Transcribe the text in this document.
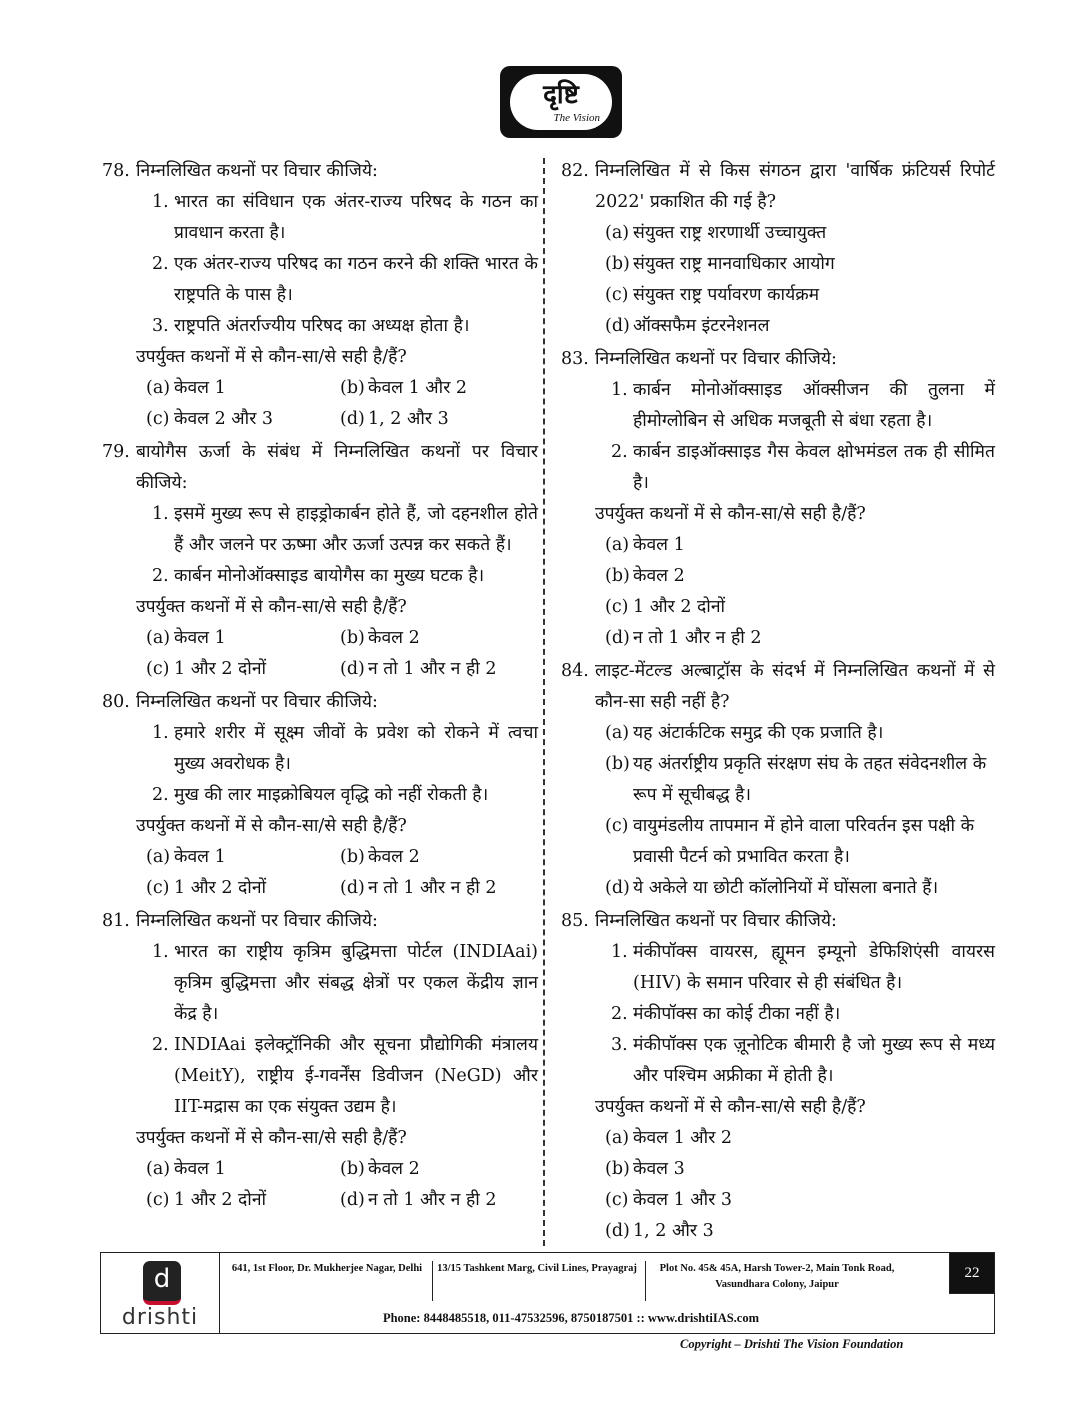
दृष्टि
The Vision
78. निम्नलिखित कथनों पर विचार कीजिये:
1. भारत का संविधान एक अंतर-राज्य परिषद के गठन का प्रावधान करता है।
2. एक अंतर-राज्य परिषद का गठन करने की शक्ति भारत के राष्ट्रपति के पास है।
3. राष्ट्रपति अंतर्राज्यीय परिषद का अध्यक्ष होता है।
उपर्युक्त कथनों में से कौन-सा/से सही है/हैं?
(a) केवल 1	(b) केवल 1 और 2
(c) केवल 2 और 3	(d) 1, 2 और 3
79. बायोगैस ऊर्जा के संबंध में निम्नलिखित कथनों पर विचार कीजिये:
1. इसमें मुख्य रूप से हाइड्रोकार्बन होते हैं, जो दहनशील होते हैं और जलने पर ऊष्मा और ऊर्जा उत्पन्न कर सकते हैं।
2. कार्बन मोनोऑक्साइड बायोगैस का मुख्य घटक है।
उपर्युक्त कथनों में से कौन-सा/से सही है/हैं?
(a) केवल 1	(b) केवल 2
(c) 1 और 2 दोनों	(d) न तो 1 और न ही 2
80. निम्नलिखित कथनों पर विचार कीजिये:
1. हमारे शरीर में सूक्ष्म जीवों के प्रवेश को रोकने में त्वचा मुख्य अवरोधक है।
2. मुख की लार माइक्रोबियल वृद्धि को नहीं रोकती है।
उपर्युक्त कथनों में से कौन-सा/से सही है/हैं?
(a) केवल 1	(b) केवल 2
(c) 1 और 2 दोनों	(d) न तो 1 और न ही 2
81. निम्नलिखित कथनों पर विचार कीजिये:
1. भारत का राष्ट्रीय कृत्रिम बुद्धिमत्ता पोर्टल (INDIAai) कृत्रिम बुद्धिमत्ता और संबद्ध क्षेत्रों पर एकल केंद्रीय ज्ञान केंद्र है।
2. INDIAai इलेक्ट्रॉनिकी और सूचना प्रौद्योगिकी मंत्रालय (MeitY), राष्ट्रीय ई-गवर्नेंस डिवीजन (NeGD) और IIT-मद्रास का एक संयुक्त उद्यम है।
उपर्युक्त कथनों में से कौन-सा/से सही है/हैं?
(a) केवल 1	(b) केवल 2
(c) 1 और 2 दोनों	(d) न तो 1 और न ही 2
82. निम्नलिखित में से किस संगठन द्वारा 'वार्षिक फ्रंटियर्स रिपोर्ट 2022' प्रकाशित की गई है?
(a) संयुक्त राष्ट्र शरणार्थी उच्चायुक्त
(b) संयुक्त राष्ट्र मानवाधिकार आयोग
(c) संयुक्त राष्ट्र पर्यावरण कार्यक्रम
(d) ऑक्सफैम इंटरनेशनल
83. निम्नलिखित कथनों पर विचार कीजिये:
1. कार्बन मोनोऑक्साइड ऑक्सीजन की तुलना में हीमोग्लोबिन से अधिक मजबूती से बंधा रहता है।
2. कार्बन डाइऑक्साइड गैस केवल क्षोभमंडल तक ही सीमित है।
उपर्युक्त कथनों में से कौन-सा/से सही है/हैं?
(a) केवल 1
(b) केवल 2
(c) 1 और 2 दोनों
(d) न तो 1 और न ही 2
84. लाइट-मेंटल्ड अल्बाट्रॉस के संदर्भ में निम्नलिखित कथनों में से कौन-सा सही नहीं है?
(a) यह अंटार्कटिक समुद्र की एक प्रजाति है।
(b) यह अंतर्राष्ट्रीय प्रकृति संरक्षण संघ के तहत संवेदनशील के रूप में सूचीबद्ध है।
(c) वायुमंडलीय तापमान में होने वाला परिवर्तन इस पक्षी के प्रवासी पैटर्न को प्रभावित करता है।
(d) ये अकेले या छोटी कॉलोनियों में घोंसला बनाते हैं।
85. निम्नलिखित कथनों पर विचार कीजिये:
1. मंकीपॉक्स वायरस, ह्यूमन इम्यूनो डेफिशिएंसी वायरस (HIV) के समान परिवार से ही संबंधित है।
2. मंकीपॉक्स का कोई टीका नहीं है।
3. मंकीपॉक्स एक ज़ूनोटिक बीमारी है जो मुख्य रूप से मध्य और पश्चिम अफ्रीका में होती है।
उपर्युक्त कथनों में से कौन-सा/से सही है/हैं?
(a) केवल 1 और 2
(b) केवल 3
(c) केवल 1 और 3
(d) 1, 2 और 3
d
drishti
641, 1st Floor, Dr. Mukherjee Nagar, Delhi	13/15 Tashkent Marg, Civil Lines, Prayagraj	Plot No. 45& 45A, Harsh Tower-2, Main Tonk Road, Vasundhara Colony, Jaipur
Phone: 8448485518, 011-47532596, 8750187501 :: www.drishtiIAS.com
22
Copyright – Drishti The Vision Foundation
